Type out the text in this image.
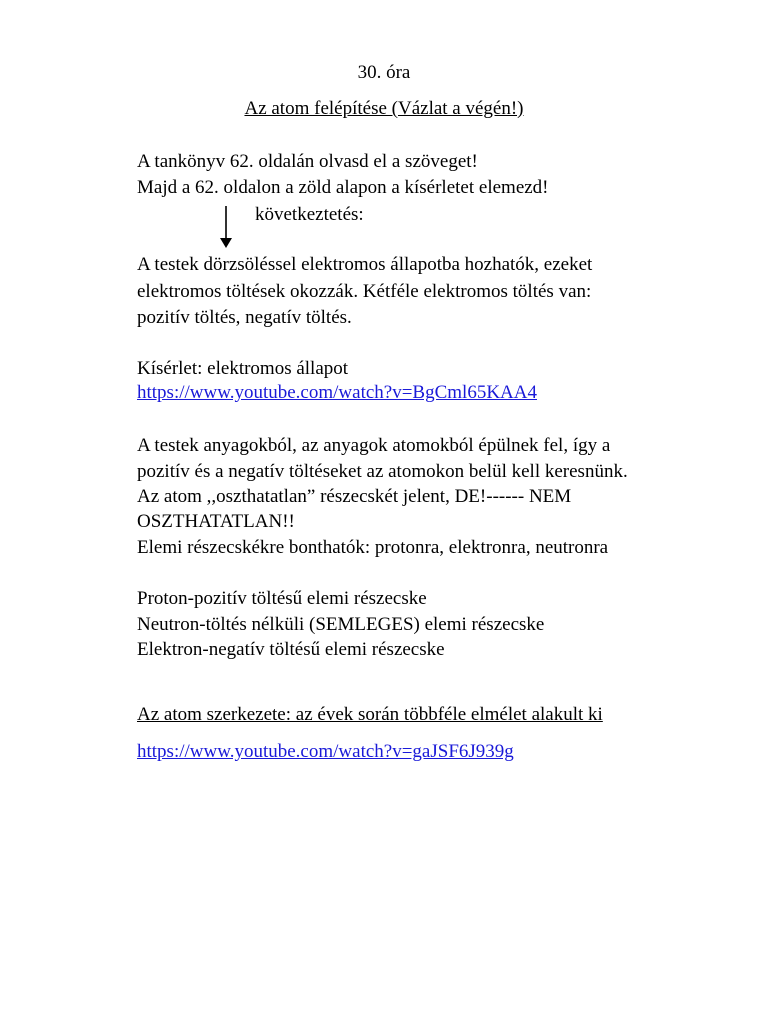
30. óra
Az atom felépítése (Vázlat a végén!)
A tankönyv 62. oldalán olvasd el a szöveget!
Majd a 62. oldalon a zöld alapon a kísérletet elemezd!
következtetés:
A testek dörzsöléssel elektromos állapotba hozhatók, ezeket
elektromos töltések okozzák. Kétféle elektromos töltés van:
pozitív töltés, negatív töltés.
Kísérlet: elektromos állapot
https://www.youtube.com/watch?v=BgCml65KAA4
A testek anyagokból, az anyagok atomokból épülnek fel, így a
pozitív és a negatív töltéseket az atomokon belül kell keresnünk.
Az atom ,,oszthatatlan” részecskét jelent, DE!------ NEM
OSZTHATATLAN!!
Elemi részecskékre bonthatók: protonra, elektronra, neutronra
Proton-pozitív töltésű elemi részecske
Neutron-töltés nélküli (SEMLEGES) elemi részecske
Elektron-negatív töltésű elemi részecske
Az atom szerkezete: az évek során többféle elmélet alakult ki
https://www.youtube.com/watch?v=gaJSF6J939g
